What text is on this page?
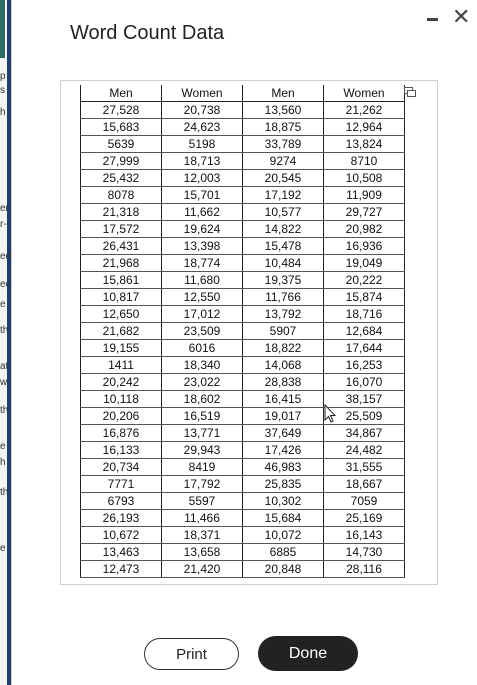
p
s
h
er
r-
ed
ec
e
th
at
w
th
e
h
th
e
Word Count Data
✕
Men	Women	Men	Women
27,528	20,738	13,560	21,262
15,683	24,623	18,875	12,964
5639	5198	33,789	13,824
27,999	18,713	9274	8710
25,432	12,003	20,545	10,508
8078	15,701	17,192	11,909
21,318	11,662	10,577	29,727
17,572	19,624	14,822	20,982
26,431	13,398	15,478	16,936
21,968	18,774	10,484	19,049
15,861	11,680	19,375	20,222
10,817	12,550	11,766	15,874
12,650	17,012	13,792	18,716
21,682	23,509	5907	12,684
19,155	6016	18,822	17,644
1411	18,340	14,068	16,253
20,242	23,022	28,838	16,070
10,118	18,602	16,415	38,157
20,206	16,519	19,017	25,509
16,876	13,771	37,649	34,867
16,133	29,943	17,426	24,482
20,734	8419	46,983	31,555
7771	17,792	25,835	18,667
6793	5597	10,302	7059
26,193	11,466	15,684	25,169
10,672	18,371	10,072	16,143
13,463	13,658	6885	14,730
12,473	21,420	20,848	28,116
Print	Done
